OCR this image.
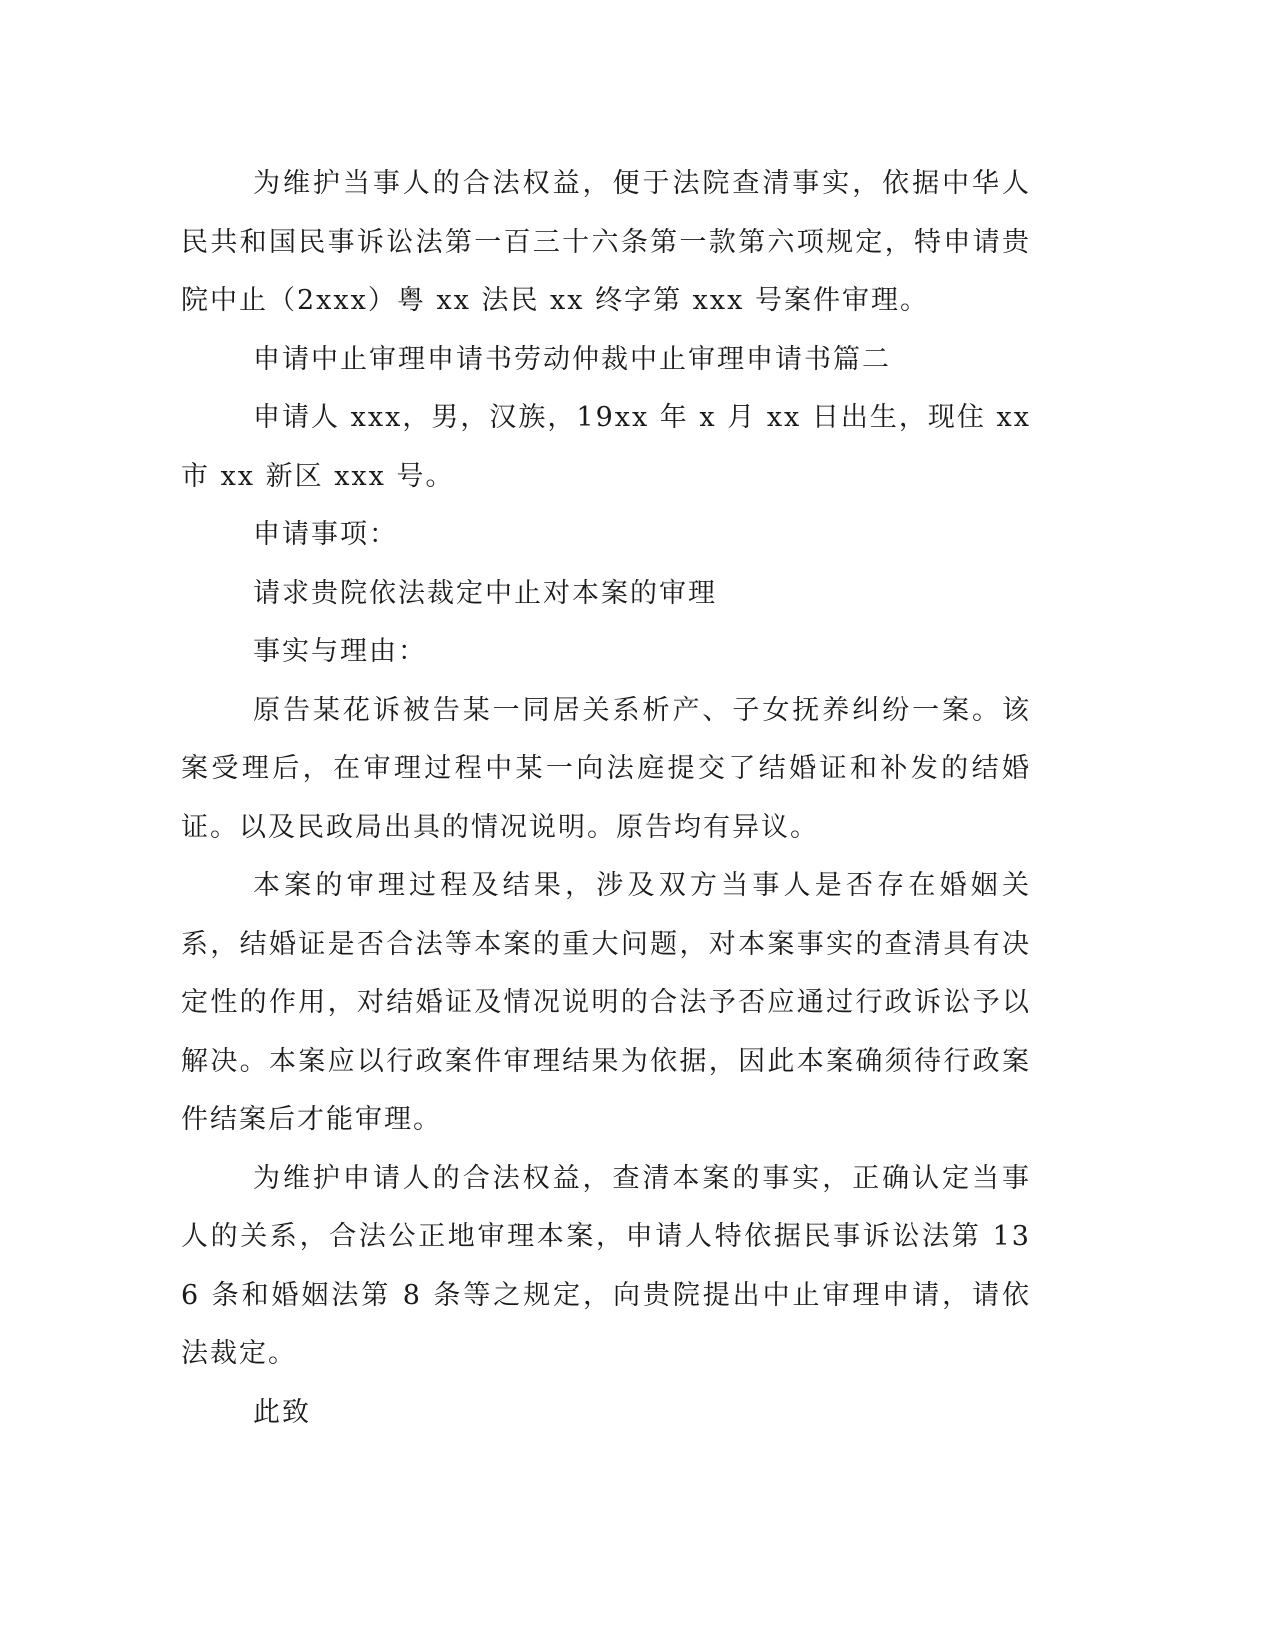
为维护当事人的合法权益，便于法院查清事实，依据中华人民共和国民事诉讼法第一百三十六条第一款第六项规定，特申请贵院中止（2xxx）粤 xx 法民 xx 终字第 xxx 号案件审理。

申请中止审理申请书劳动仲裁中止审理申请书篇二

申请人 xxx，男，汉族，19xx 年 x 月 xx 日出生，现住 xx 市 xx 新区 xxx 号。

申请事项：

请求贵院依法裁定中止对本案的审理

事实与理由：

原告某花诉被告某一同居关系析产、子女抚养纠纷一案。该案受理后，在审理过程中某一向法庭提交了结婚证和补发的结婚证。以及民政局出具的情况说明。原告均有异议。

本案的审理过程及结果，涉及双方当事人是否存在婚姻关系，结婚证是否合法等本案的重大问题，对本案事实的查清具有决定性的作用，对结婚证及情况说明的合法予否应通过行政诉讼予以解决。本案应以行政案件审理结果为依据，因此本案确须待行政案件结案后才能审理。

为维护申请人的合法权益，查清本案的事实，正确认定当事人的关系，合法公正地审理本案，申请人特依据民事诉讼法第 136 条和婚姻法第 8 条等之规定，向贵院提出中止审理申请，请依法裁定。

此致
